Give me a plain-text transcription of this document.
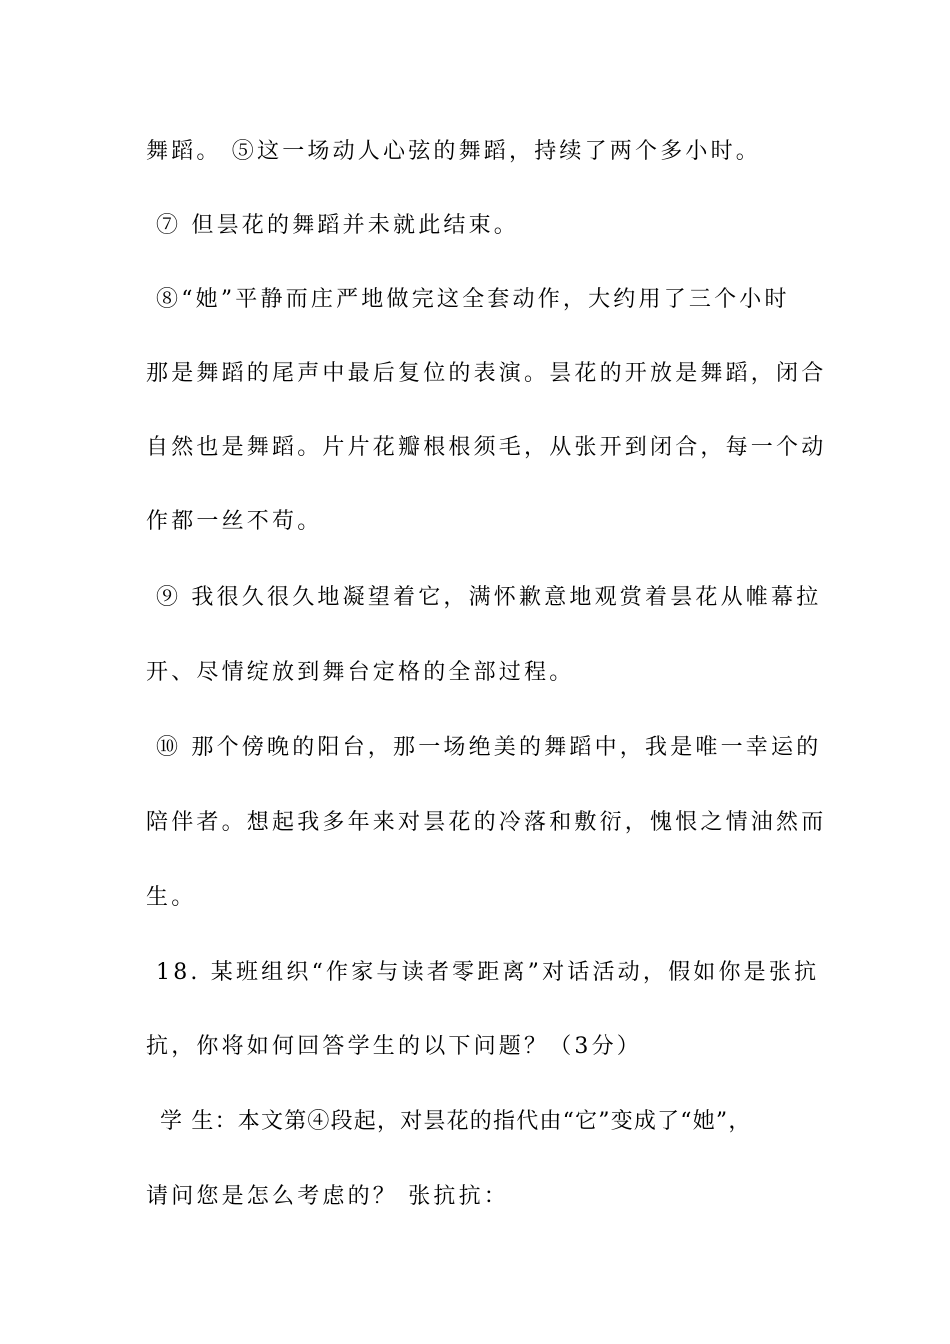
舞蹈。 ⑤这一场动人心弦的舞蹈，持续了两个多小时。
⑦ 但昙花的舞蹈并未就此结束。
⑧“她”平静而庄严地做完这全套动作，大约用了三个小时
那是舞蹈的尾声中最后复位的表演。昙花的开放是舞蹈，闭合
自然也是舞蹈。片片花瓣根根须毛，从张开到闭合，每一个动
作都一丝不苟。
⑨ 我很久很久地凝望着它，满怀歉意地观赏着昙花从帷幕拉
开、尽情绽放到舞台定格的全部过程。
⑩ 那个傍晚的阳台，那一场绝美的舞蹈中，我是唯一幸运的
陪伴者。想起我多年来对昙花的冷落和敷衍，愧恨之情油然而
生。
18. 某班组织“作家与读者零距离”对话活动，假如你是张抗
抗，你将如何回答学生的以下问题？（3分）
学 生：本文第④段起，对昙花的指代由“它”变成了“她”，
请问您是怎么考虑的？ 张抗抗：
